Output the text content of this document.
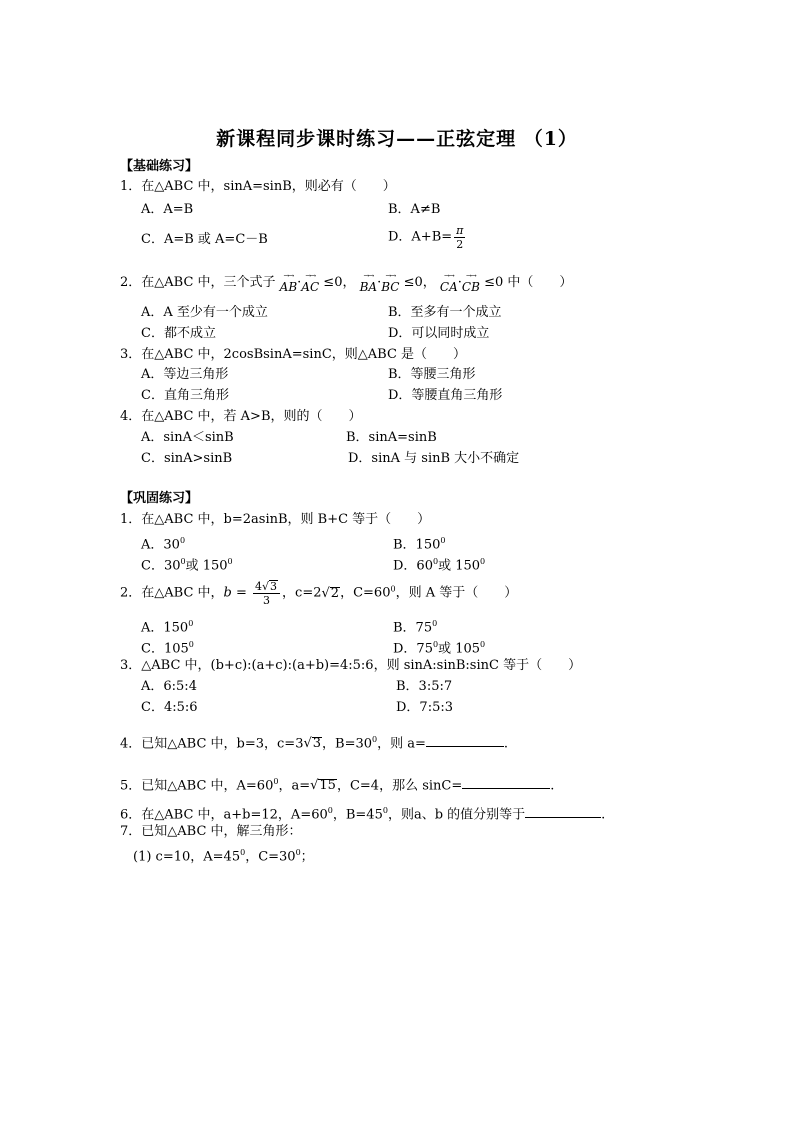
新课程同步课时练习——正弦定理 （1）
【基础练习】
1．在△ABC 中，sinA=sinB，则必有（　　）
A．A=B	B．A≠B
C．A=B 或 A=C－B	D．$A+B= \frac{\pi}{2}$
2．在△ABC 中，三个式子 →→
AB · →→
AC ≤0， →→
BA · →→
BC ≤0， →→
CA · →→
CB ≤0 中（　　）
A．A 至少有一个成立	B．至多有一个成立
C．都不成立	D．可以同时成立
3．在△ABC 中，2cosBsinA=sinC，则△ABC 是（　　）
A．等边三角形	B．等腰三角形
C．直角三角形	D．等腰直角三角形
4．在△ABC 中，若 A>B，则的（　　）
A．sinA＜sinB	B．sinA=sinB
C．sinA>sinB	D．sinA 与 sinB 大小不确定
【巩固练习】
1．在△ABC 中，b=2asinB，则 B+C 等于（　　）
A．$30^0$	B．$150^0$
C．$30^0$或 $150^0$	D．$60^0$或 $150^0$
2．在△ABC 中，$b = \frac{4√3}{3}$ ，c=2√2，$C=60^0$，则 A 等于（　　）
A．$150^0$	B．$75^0$
C．$105^0$	D．$75^0$或 $105^0$
3．△ABC 中，(b+c):(a+c):(a+b)=4:5:6，则 sinA:sinB:sinC 等于（　　）
A．6:5:4	B．3:5:7
C．4:5:6	D．7:5:3
4．已知△ABC 中，b=3，c=3√3，$B=30^0$，则 a=	.
5．已知△ABC 中，$A=60^0$，a=√15，C=4，那么 sinC=	.
6．在△ABC 中，a+b=12，$A=60^0$，$B=45^0$，则a、b 的值分别等于	.
7．已知△ABC 中，解三角形：
(1) c=10，$A=45^0$，$C=30^0$；
